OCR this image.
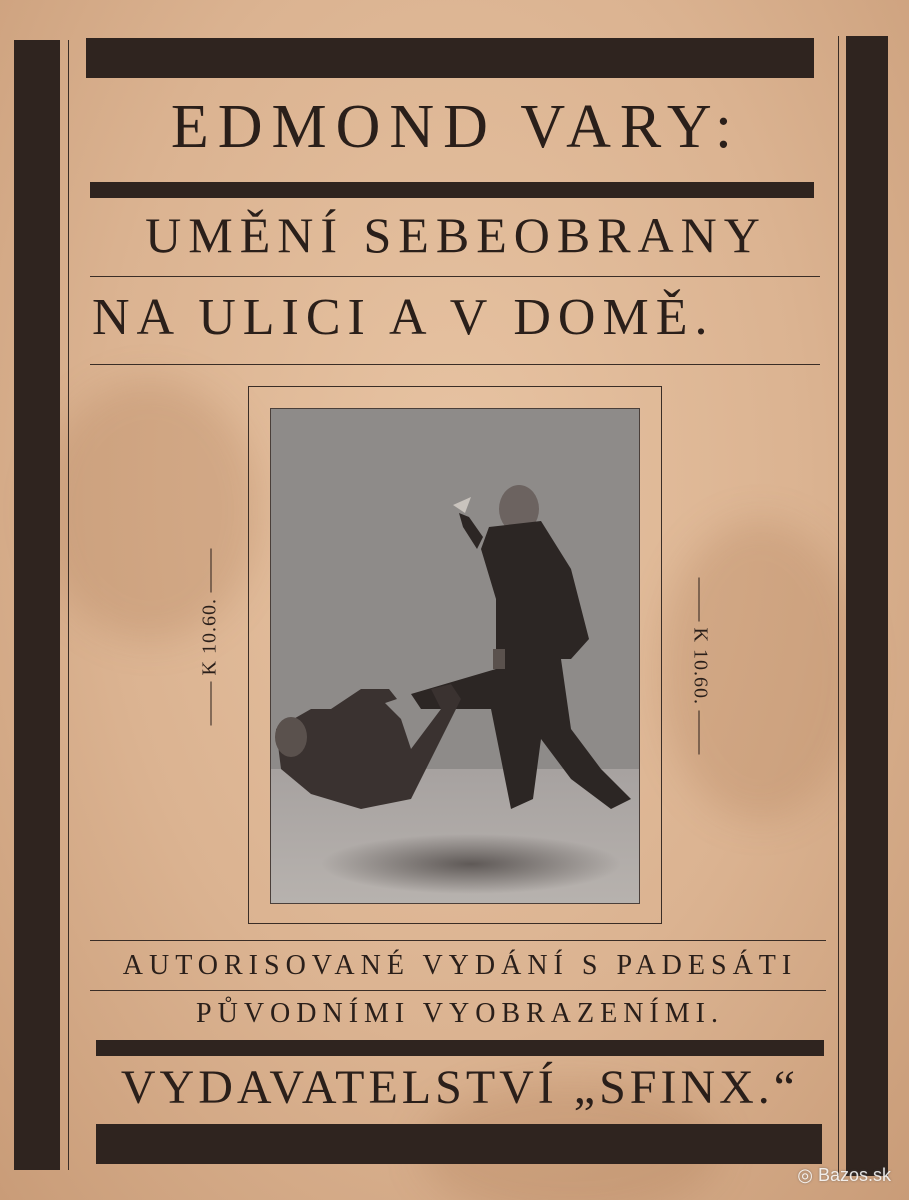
EDMOND VARY:
UMĚNÍ SEBEOBRANY
NA ULICI A V DOMĚ.
K 10.60.	K 10.60.
AUTORISOVANÉ VYDÁNÍ S PADESÁTI
PŮVODNÍMI VYOBRAZENÍMI.
VYDAVATELSTVÍ „SFINX.“
◎ Bazos.sk
